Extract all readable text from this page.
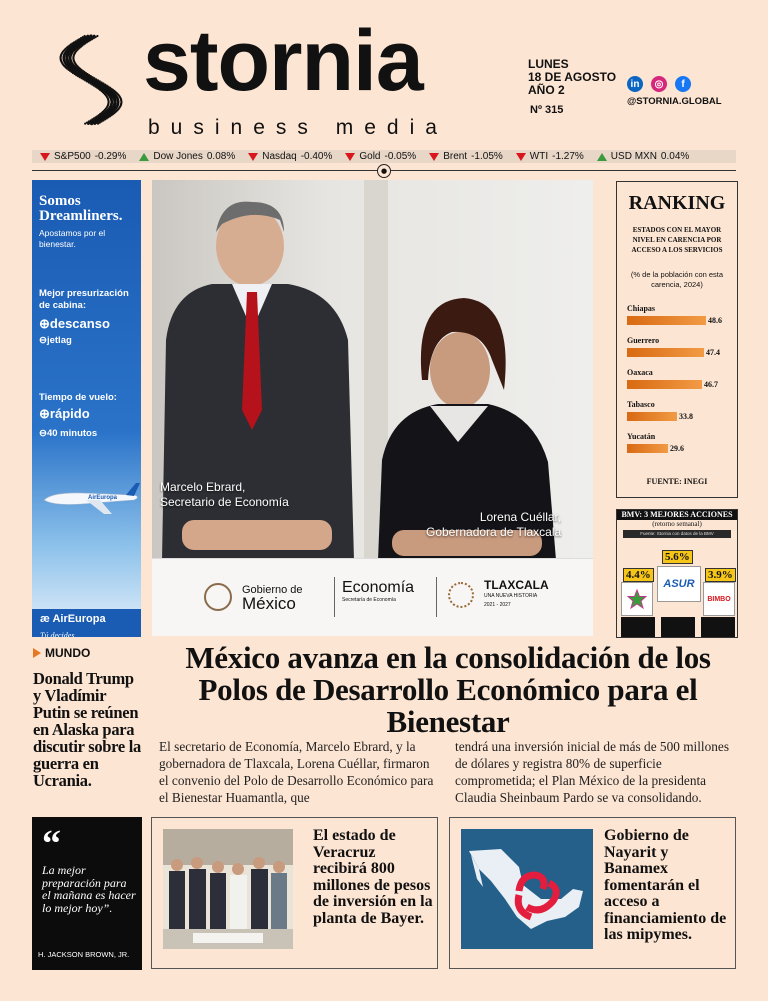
stornia
business media
LUNES
18 DE AGOSTO
AÑO 2
Nº 315
in	◎	f
@STORNIA.GLOBAL
S&P500 -0.29%	Dow Jones 0.08%	Nasdaq -0.40%	Gold -0.05%	Brent -1.05%	WTI -1.27%	USD MXN 0.04%
●
Somos Dreamliners.
Apostamos por el bienestar.
Mejor presurización de cabina:
⊕descanso
⊖jetlag
Tiempo de vuelo:
⊕rápido
⊖40 minutos
AirEuropa
æ AirEuropa
Tú decides
Marcelo Ebrard,
Secretario de Economía
Lorena Cuéllar,
Gobernadora de Tlaxcala
Gobierno de
México
Economía
Secretaría de Economía
TLAXCALA
UNA NUEVA HISTORIA
2021 - 2027
RANKING
ESTADOS CON EL MAYOR NIVEL EN CARENCIA POR ACCESO A LOS SERVICIOS
(% de la población con esta carencia, 2024)
Chiapas
48.6
Guerrero
47.4
Oaxaca
46.7
Tabasco
33.8
Yucatán
29.6
FUENTE: INEGI
BMV: 3 MEJORES ACCIONES
(retorno semanal)
Fuente: Stornia con datos de la BMV
5.6%
ASUR
4.4%	3.9%
BIMBO
MUNDO
Donald Trump y Vladímir Putin se reúnen en Alaska para discutir sobre la guerra en Ucrania.
México avanza en la consolidación de los Polos de Desarrollo Económico para el Bienestar
El secretario de Economía, Marcelo Ebrard, y la gobernadora de Tlaxcala, Lorena Cuéllar, firmaron el convenio del Polo de Desarrollo Económico para el Bienestar Huamantla, que
tendrá una inversión inicial de más de 500 millones de dólares y registra 80% de superficie comprometida; el Plan México de la presidenta Claudia Sheinbaum Pardo se va consolidando.
“
La mejor preparación para el mañana es hacer lo mejor hoy”.
H. JACKSON BROWN, JR.
El estado de Veracruz recibirá 800 millones de pesos de inversión en la planta de Bayer.
Gobierno de Nayarit y Banamex fomentarán el acceso a financiamiento de las mipymes.
